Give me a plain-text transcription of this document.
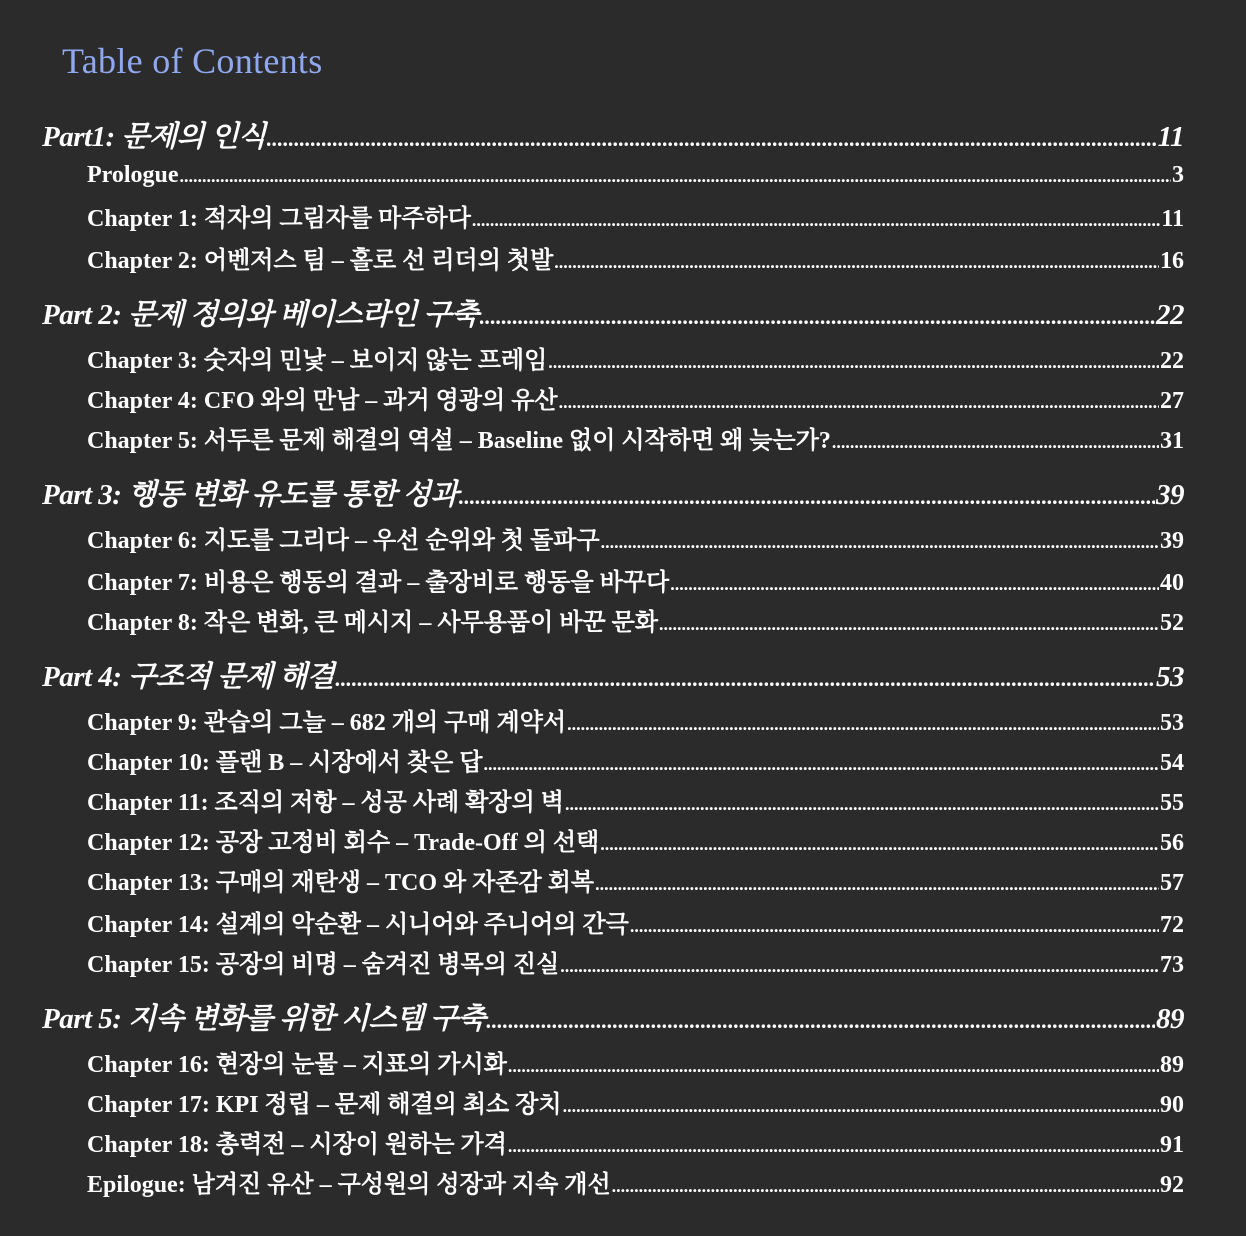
Table of Contents
Part1: 문제의 인식 .....	11
Prologue .....	3
Chapter 1: 적자의 그림자를 마주하다 .....	11
Chapter 2: 어벤저스 팀 – 홀로 선 리더의 첫발 .....	16
Part 2: 문제 정의와 베이스라인 구축 .....	22
Chapter 3: 숫자의 민낯 – 보이지 않는 프레임 .....	22
Chapter 4: CFO 와의 만남 – 과거 영광의 유산 .....	27
Chapter 5: 서두른 문제 해결의 역설 – Baseline 없이 시작하면 왜 늦는가? .....	31
Part 3: 행동 변화 유도를 통한 성과 .....	39
Chapter 6: 지도를 그리다 – 우선 순위와 첫 돌파구 .....	39
Chapter 7: 비용은 행동의 결과 – 출장비로 행동을 바꾸다 .....	40
Chapter 8: 작은 변화, 큰 메시지 – 사무용품이 바꾼 문화 .....	52
Part 4: 구조적 문제 해결 .....	53
Chapter 9: 관습의 그늘 – 682 개의 구매 계약서 .....	53
Chapter 10: 플랜 B – 시장에서 찾은 답 .....	54
Chapter 11: 조직의 저항 – 성공 사례 확장의 벽 .....	55
Chapter 12: 공장 고정비 회수 – Trade-Off 의 선택 .....	56
Chapter 13: 구매의 재탄생 – TCO 와 자존감 회복 .....	57
Chapter 14: 설계의 악순환 – 시니어와 주니어의 간극 .....	72
Chapter 15: 공장의 비명 – 숨겨진 병목의 진실 .....	73
Part 5: 지속 변화를 위한 시스템 구축 .....	89
Chapter 16: 현장의 눈물 – 지표의 가시화 .....	89
Chapter 17: KPI 정립 – 문제 해결의 최소 장치 .....	90
Chapter 18: 총력전 – 시장이 원하는 가격 .....	91
Epilogue: 남겨진 유산 – 구성원의 성장과 지속 개선 .....	92
